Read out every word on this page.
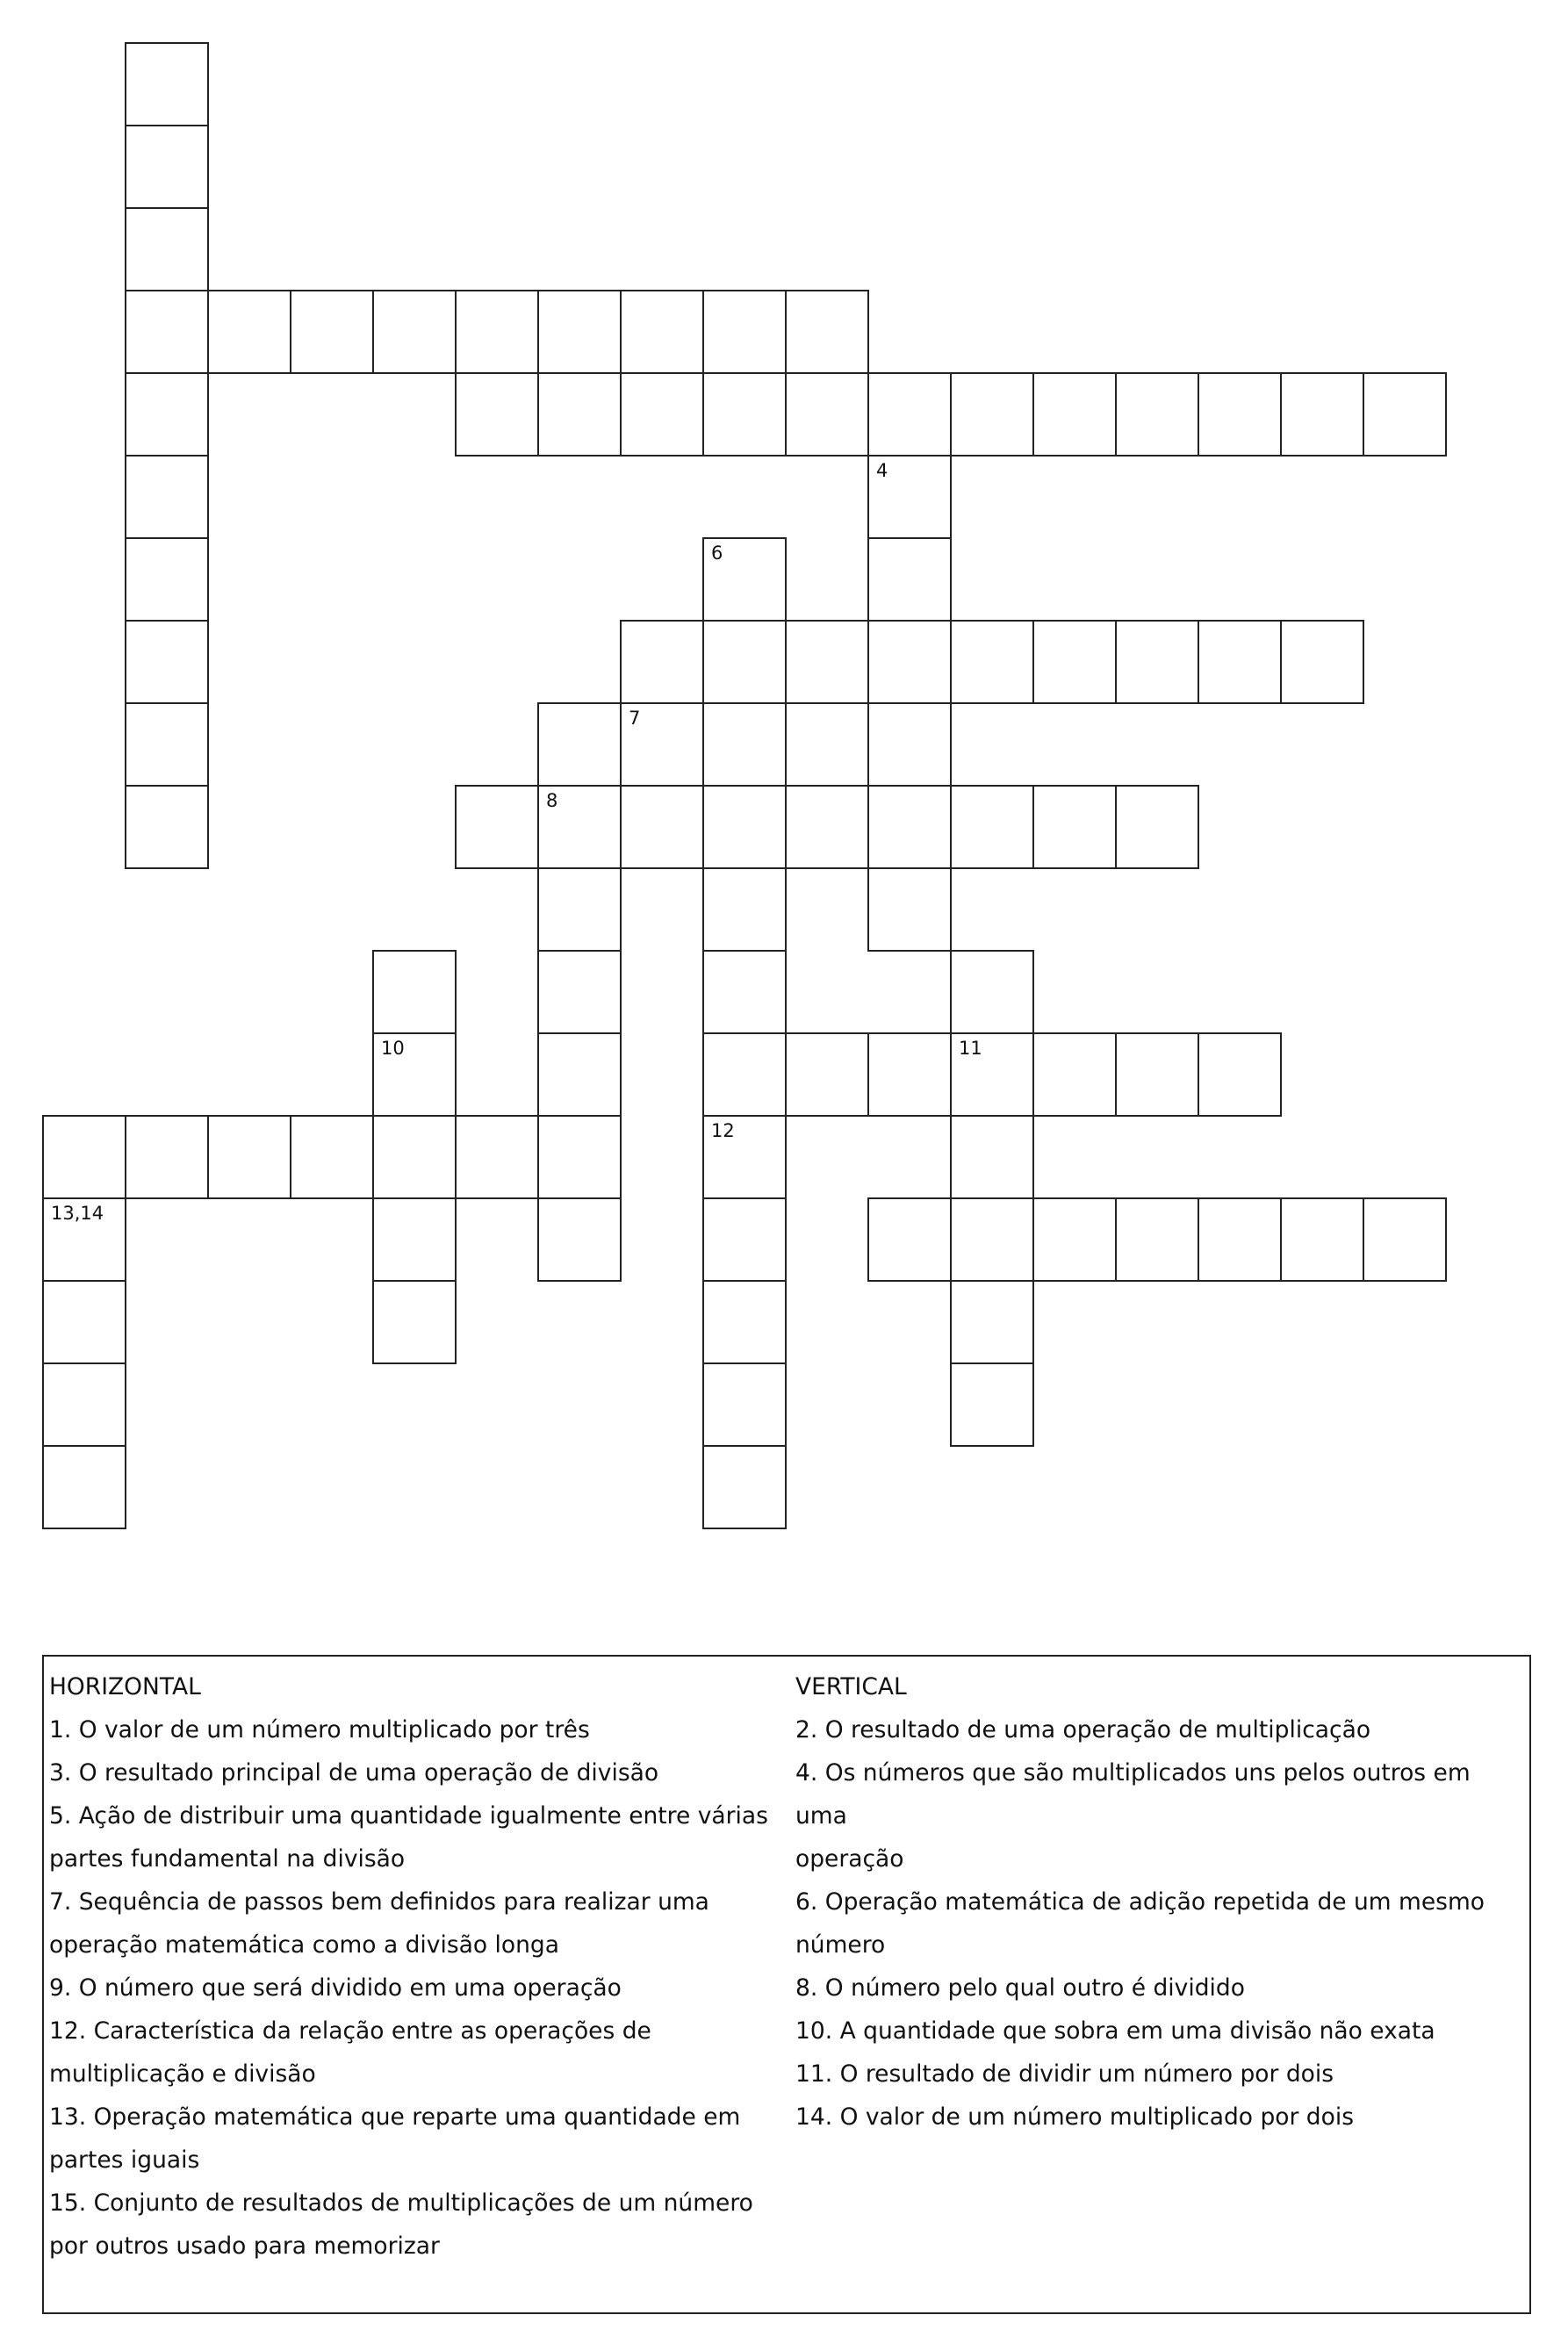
4
6
7
8
10	11
12
13,14

HORIZONTAL

1. O valor de um número multiplicado por três

3. O resultado principal de uma operação de divisão

5. Ação de distribuir uma quantidade igualmente entre várias

partes fundamental na divisão

7. Sequência de passos bem definidos para realizar uma

operação matemática como a divisão longa

9. O número que será dividido em uma operação

12. Característica da relação entre as operações de

multiplicação e divisão

13. Operação matemática que reparte uma quantidade em

partes iguais

15. Conjunto de resultados de multiplicações de um número

por outros usado para memorizar

VERTICAL

2. O resultado de uma operação de multiplicação

4. Os números que são multiplicados uns pelos outros em uma

operação

6. Operação matemática de adição repetida de um mesmo

número

8. O número pelo qual outro é dividido

10. A quantidade que sobra em uma divisão não exata

11. O resultado de dividir um número por dois

14. O valor de um número multiplicado por dois
